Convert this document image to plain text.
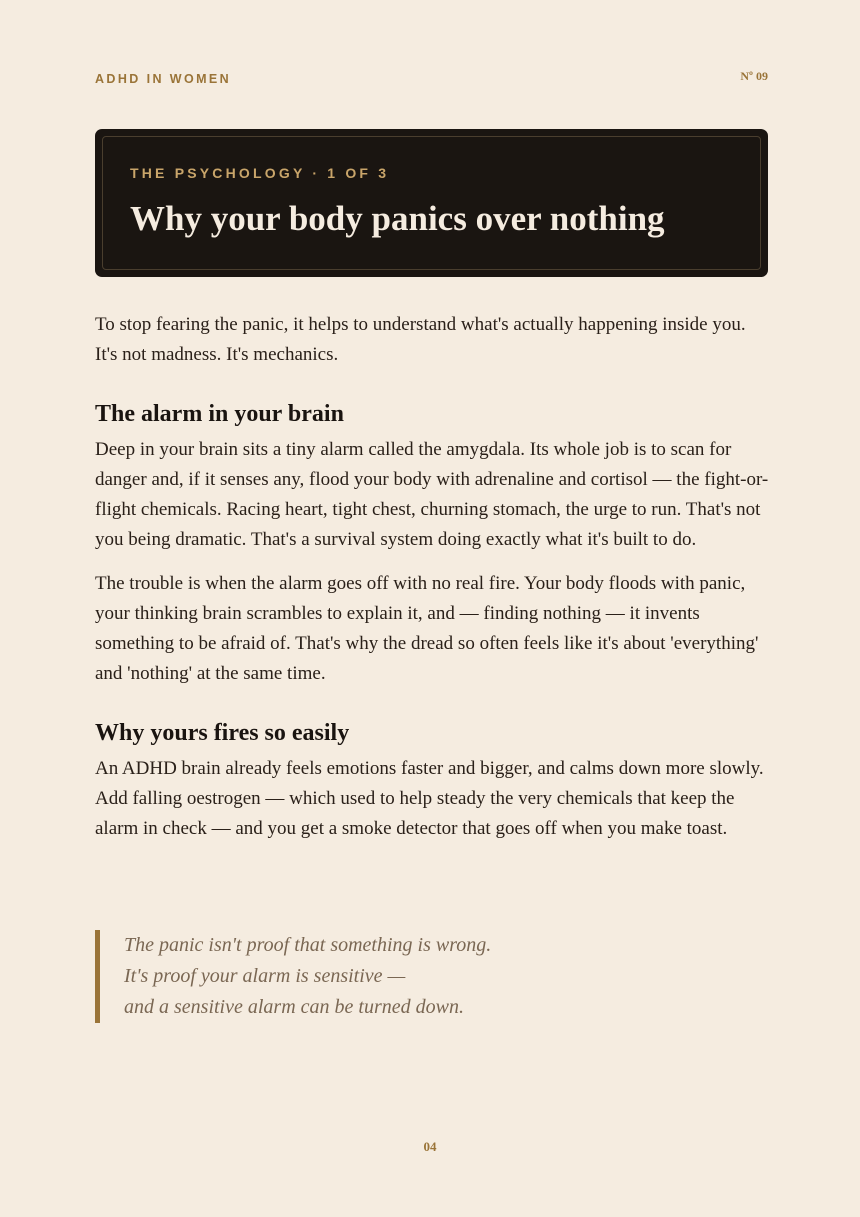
ADHD IN WOMEN	Nº 09
THE PSYCHOLOGY · 1 OF 3
Why your body panics over nothing

To stop fearing the panic, it helps to understand what's actually happening inside you. It's not madness. It's mechanics.

The alarm in your brain

Deep in your brain sits a tiny alarm called the amygdala. Its whole job is to scan for danger and, if it senses any, flood your body with adrenaline and cortisol — the fight-or-flight chemicals. Racing heart, tight chest, churning stomach, the urge to run. That's not you being dramatic. That's a survival system doing exactly what it's built to do.

The trouble is when the alarm goes off with no real fire. Your body floods with panic, your thinking brain scrambles to explain it, and — finding nothing — it invents something to be afraid of. That's why the dread so often feels like it's about 'everything' and 'nothing' at the same time.

Why yours fires so easily

An ADHD brain already feels emotions faster and bigger, and calms down more slowly. Add falling oestrogen — which used to help steady the very chemicals that keep the alarm in check — and you get a smoke detector that goes off when you make toast.

The panic isn't proof that something is wrong.
It's proof your alarm is sensitive —
and a sensitive alarm can be turned down.
04
